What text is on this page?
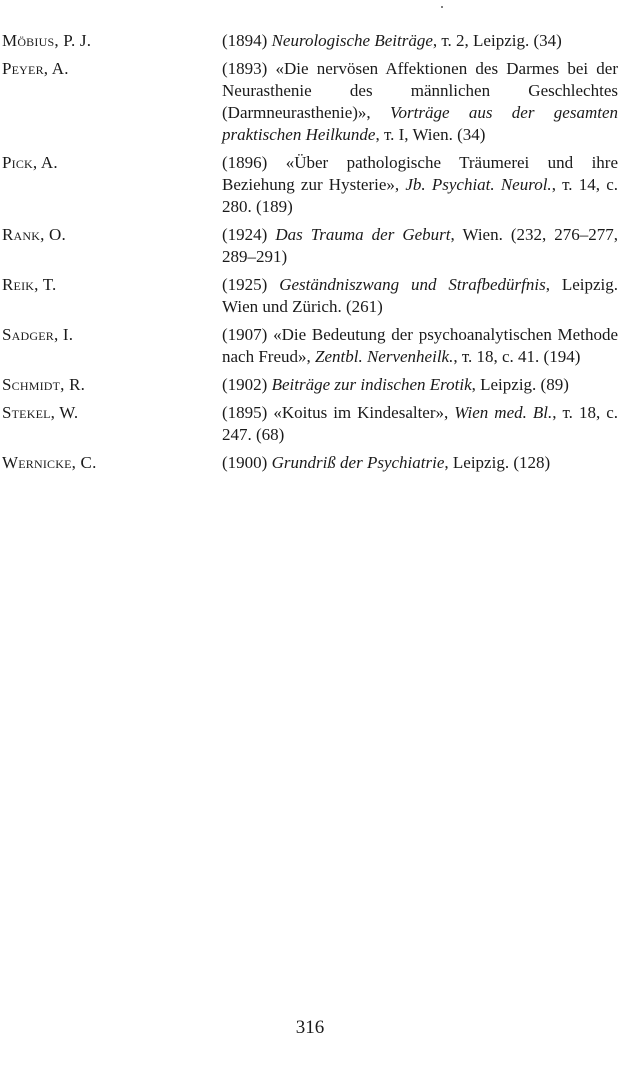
Möbius, P. J.	(1894) Neurologische Beiträge, т. 2, Leipzig. (34)
Peyer, A.	(1893) «Die nervösen Affektionen des Darmes bei der Neurasthenie des männlichen Geschlechtes (Darmneurasthenie)», Vorträge aus der gesamten praktischen Heilkunde, т. I, Wien. (34)
Pick, A.	(1896) «Über pathologische Träumerei und ihre Beziehung zur Hysterie», Jb. Psychiat. Neurol., т. 14, с. 280. (189)
Rank, O.	(1924) Das Trauma der Geburt, Wien. (232, 276–277, 289–291)
Reik, T.	(1925) Geständniszwang und Strafbedürfnis, Leipzig. Wien und Zürich. (261)
Sadger, I.	(1907) «Die Bedeutung der psychoanalytischen Methode nach Freud», Zentbl. Nervenheilk., т. 18, с. 41. (194)
Schmidt, R.	(1902) Beiträge zur indischen Erotik, Leipzig. (89)
Stekel, W.	(1895) «Koitus im Kindesalter», Wien med. Bl., т. 18, с. 247. (68)
Wernicke, C.	(1900) Grundriß der Psychiatrie, Leipzig. (128)
316
